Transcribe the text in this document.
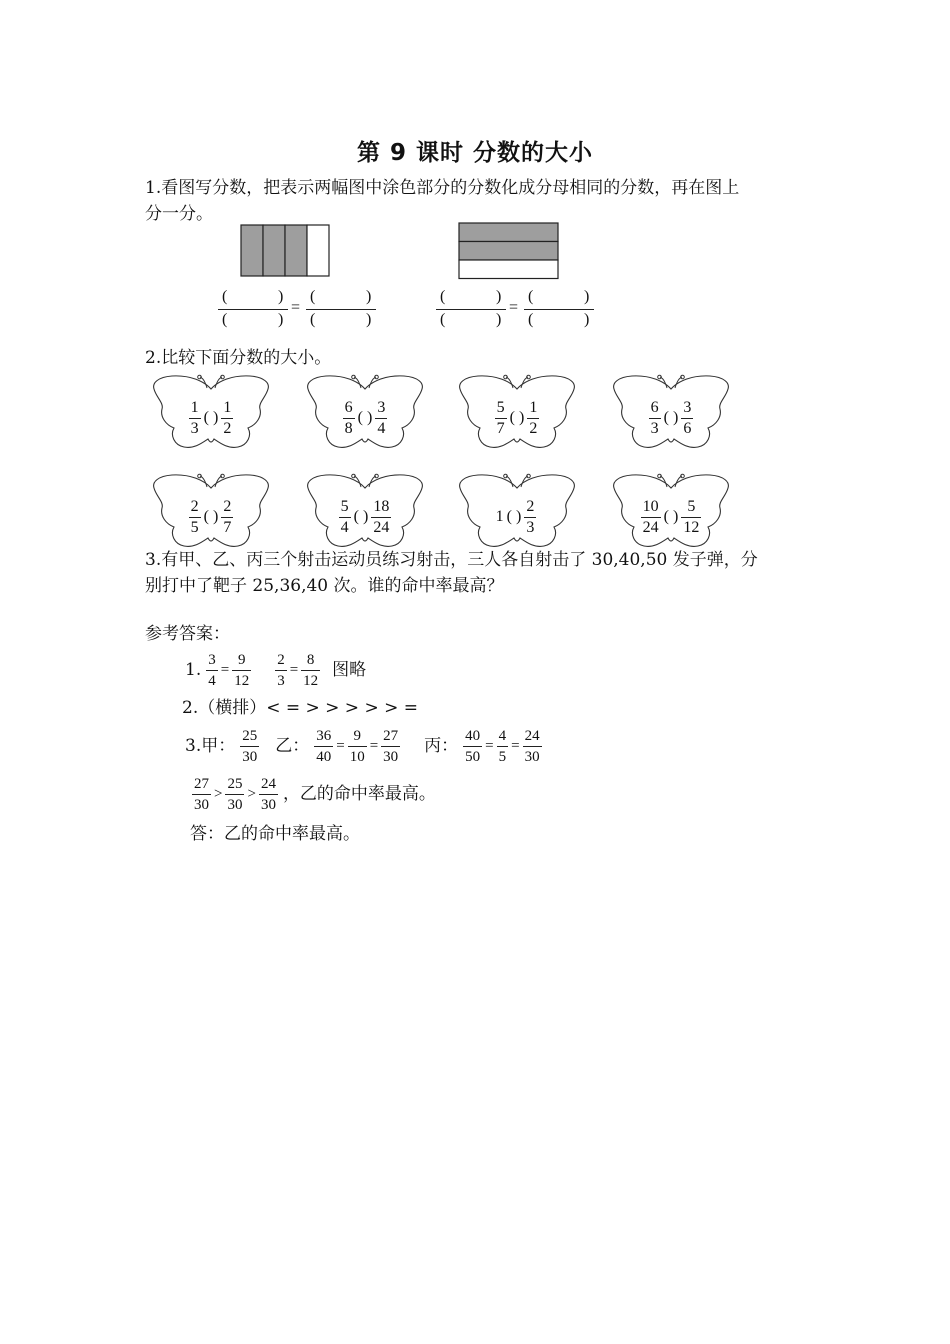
第 9 课时 分数的大小
1.看图写分数，把表示两幅图中涂色部分的分数化成分母相同的分数，再在图上
分一分。
(	)
(	)
=
(	)
(	)
(	)
(	)
=
(	)
(	)
2.比较下面分数的大小。
$\frac{1}{3}$ ( ) $\frac{1}{2}$	$\frac{6}{8}$ ( ) $\frac{3}{4}$	$\frac{5}{7}$ ( ) $\frac{1}{2}$	$\frac{6}{3}$ ( ) $\frac{3}{6}$
$\frac{2}{5}$ ( ) $\frac{2}{7}$	$\frac{5}{4}$ ( ) $\frac{18}{24}$	1 ( ) $\frac{2}{3}$	$\frac{10}{24}$ ( ) $\frac{5}{12}$
3.有甲、乙、丙三个射击运动员练习射击，三人各自射击了 30,40,50 发子弹，分
别打中了靶子 25,36,40 次。谁的命中率最高？
参考答案：
1. $\frac{3}{4} = \frac{9}{12} \frac{2}{3} = \frac{8}{12}$ 图略
2.（横排）< = > > > > > =
3.甲： $\frac{25}{30}$ 乙： $\frac{36}{40} = \frac{9}{10} = \frac{27}{30}$ 丙： $\frac{40}{50} = \frac{4}{5} = \frac{24}{30}$
$\frac{27}{30} > \frac{25}{30} > \frac{24}{30}$ ，乙的命中率最高。
答：乙的命中率最高。
